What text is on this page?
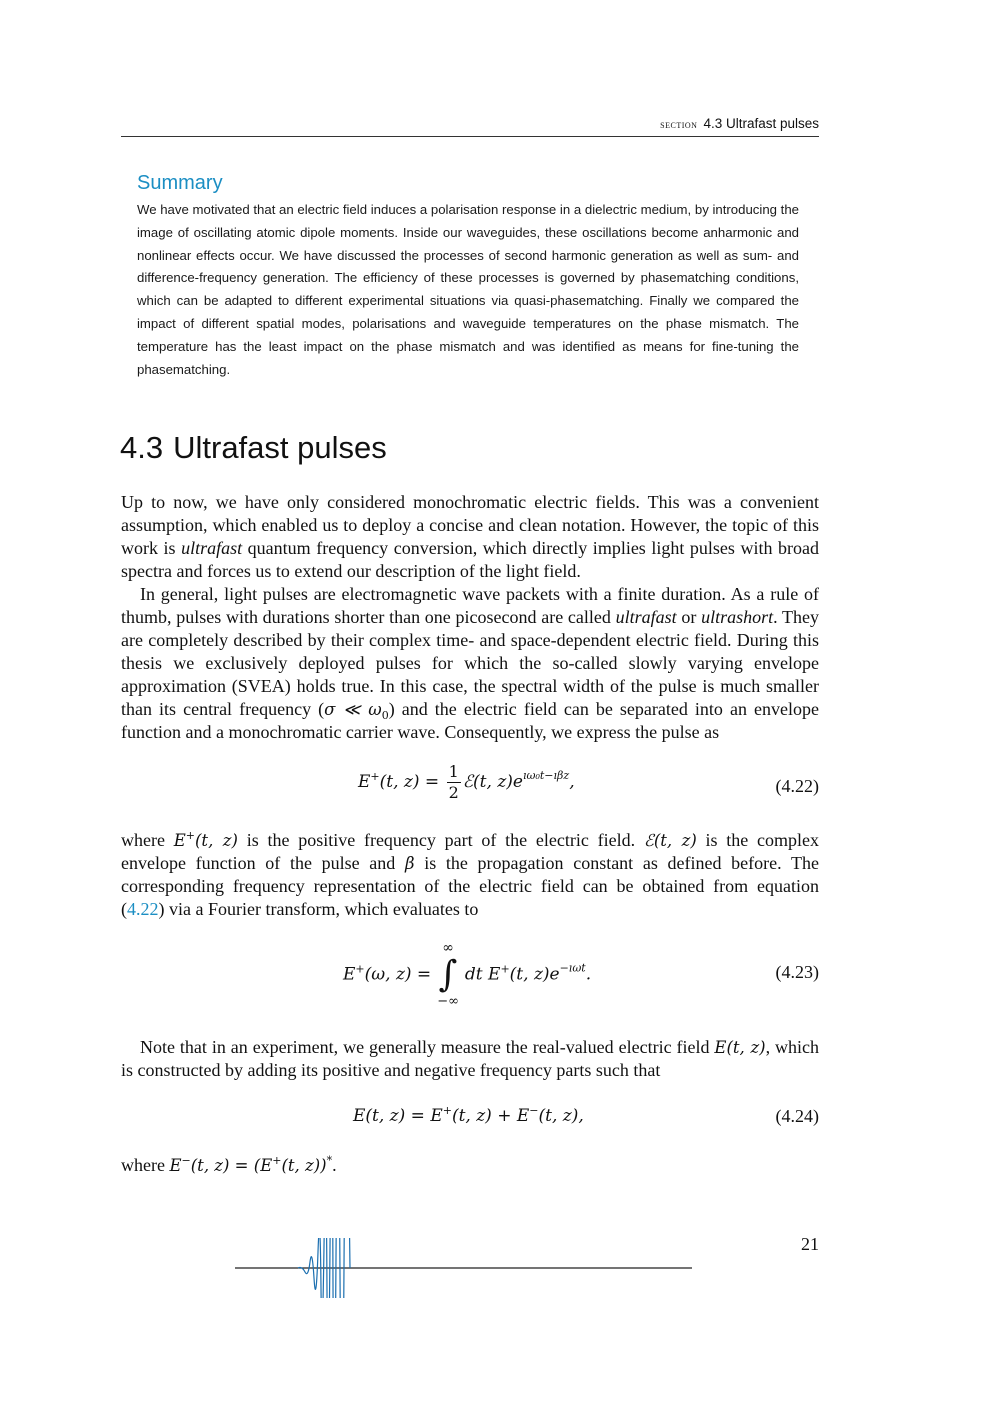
section 4.3 Ultrafast pulses
Summary

We have motivated that an electric field induces a polarisation response in a dielectric medium, by introducing the image of oscillating atomic dipole moments. Inside our waveguides, these oscillations become anharmonic and nonlinear effects occur. We have discussed the processes of second harmonic generation as well as sum- and difference-frequency generation. The efficiency of these processes is governed by phasematching conditions, which can be adapted to different experimental situations via quasi-phasematching. Finally we compared the impact of different spatial modes, polarisations and waveguide temperatures on the phase mismatch. The temperature has the least impact on the phase mismatch and was identified as means for fine-tuning the phasematching.

4.3 Ultrafast pulses

Up to now, we have only considered monochromatic electric fields. This was a convenient assumption, which enabled us to deploy a concise and clean notation. However, the topic of this work is ultrafast quantum frequency conversion, which directly implies light pulses with broad spectra and forces us to extend our description of the light field.

In general, light pulses are electromagnetic wave packets with a finite duration. As a rule of thumb, pulses with durations shorter than one picosecond are called ultrafast or ultrashort. They are completely described by their complex time- and space-dependent electric field. During this thesis we exclusively deployed pulses for which the so-called slowly varying envelope approximation (SVEA) holds true. In this case, the spectral width of the pulse is much smaller than its central frequency (σ ≪ $\omega_0$) and the electric field can be separated into an envelope function and a monochromatic carrier wave. Consequently, we express the pulse as

E+(t, $z) = \frac{1}{2}$ ℰ(t, $z)e^{ı\omega_0t-ı\beta z}$,	(4.22)

where E+(t, z) is the positive frequency part of the electric field. ℰ(t, z) is the complex envelope function of the pulse and β is the propagation constant as defined before. The corresponding frequency representation of the electric field can be obtained from equation (4.22) via a Fourier transform, which evaluates to

E+(ω, z) =
∞
∫
−∞
dt E+(t, $z)e^{-ı\omega t}$.	(4.23)

Note that in an experiment, we generally measure the real-valued electric field E(t, z), which is constructed by adding its positive and negative frequency parts such that

E(t, z) = E+(t, z) + E−(t, z),	(4.24)

where E−(t, z) = (E+(t, z))*.

21
